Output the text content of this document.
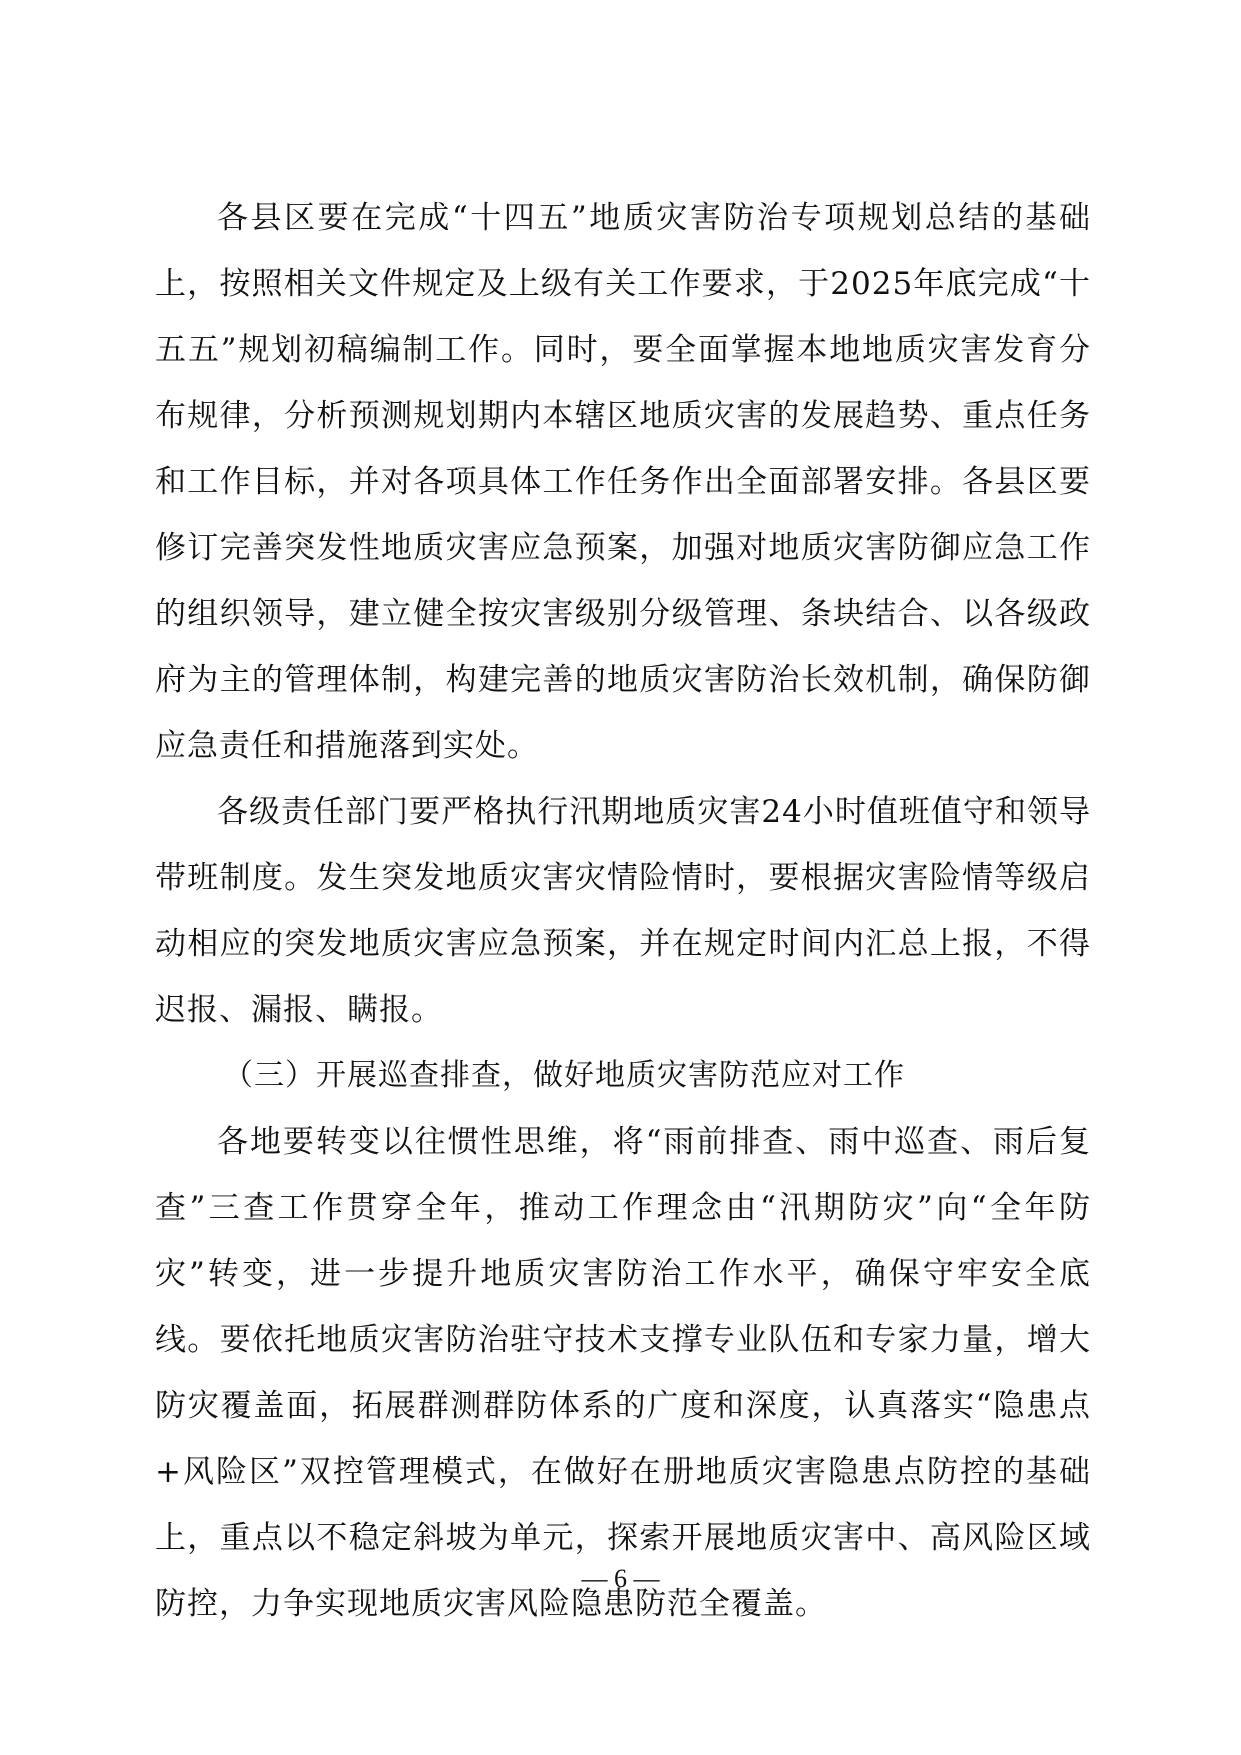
各县区要在完成“十四五”地质灾害防治专项规划总结的基础上，按照相关文件规定及上级有关工作要求，于2025年底完成“十五五”规划初稿编制工作。同时，要全面掌握本地地质灾害发育分布规律，分析预测规划期内本辖区地质灾害的发展趋势、重点任务和工作目标，并对各项具体工作任务作出全面部署安排。各县区要修订完善突发性地质灾害应急预案，加强对地质灾害防御应急工作的组织领导，建立健全按灾害级别分级管理、条块结合、以各级政府为主的管理体制，构建完善的地质灾害防治长效机制，确保防御应急责任和措施落到实处。

各级责任部门要严格执行汛期地质灾害24小时值班值守和领导带班制度。发生突发地质灾害灾情险情时，要根据灾害险情等级启动相应的突发地质灾害应急预案，并在规定时间内汇总上报，不得迟报、漏报、瞒报。

（三）开展巡查排查，做好地质灾害防范应对工作

各地要转变以往惯性思维，将“雨前排查、雨中巡查、雨后复查”三查工作贯穿全年，推动工作理念由“汛期防灾”向“全年防灾”转变，进一步提升地质灾害防治工作水平，确保守牢安全底线。要依托地质灾害防治驻守技术支撑专业队伍和专家力量，增大防灾覆盖面，拓展群测群防体系的广度和深度，认真落实“隐患点+风险区”双控管理模式，在做好在册地质灾害隐患点防控的基础上，重点以不稳定斜坡为单元，探索开展地质灾害中、高风险区域防控，力争实现地质灾害风险隐患防范全覆盖。

— 6 —
